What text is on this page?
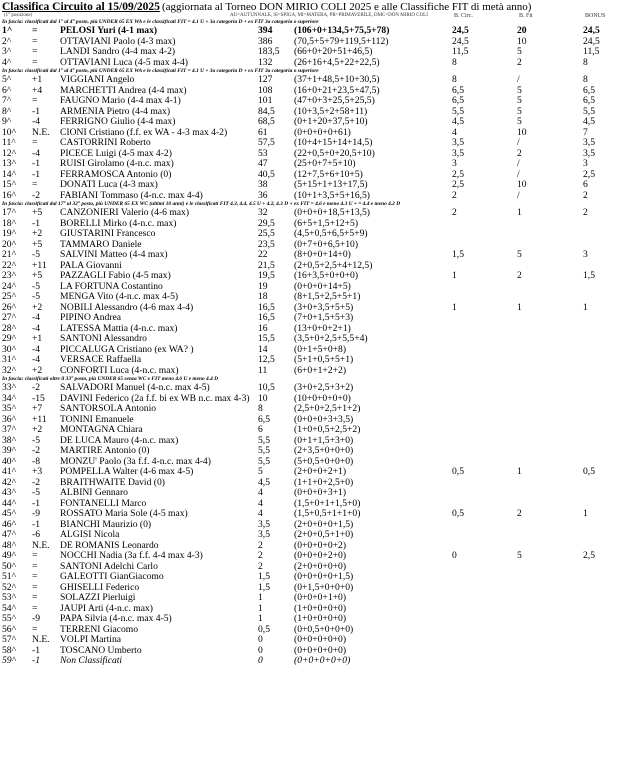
Classifica Circuito al 15/09/2025 (aggiornata al Torneo DON MIRIO COLI 2025 e alle Classifiche FIT di metà anno)
(1° posizione)	AU=AUTUNNALE, SI=SPIGA, MI=MATERA, PR=PRIMAVERILE, DMC=DON MIRIO COLI	B. Circ.	B. Fit	BONUS
In fascia: classificati dal 1° al 4° posto, più UNDER 65 EX WA e le classificati FIT = 4.1 U + 3a categoria D + ex FIT 3a categoria o superiore
1^ = PELOSI Yuri (4-1 max)	394 (106+0+134,5+75,5+78)	24,5	20	24,5
2^ = OTTAVIANI Paolo (4-3 max)	386 (70,5+5+79+119,5+112)	24,5	10	24,5
3^ = LANDI Sandro (4-4 max 4-2)	183,5 (66+0+20+51+46,5)	11,5	5	11,5
4^ = OTTAVIANI Luca (4-5 max 4-4)	132 (26+16+4,5+22+22,5)	8	2	8
In fascia: classificati dal 1° al 4° posto, più UNDER 65 EX WA e le classificati FIT = 4.1 U + 3a categoria D + ex FIT 3a categoria o superiore
5^ +1 VIGGIANI Angelo	127 (37+1+48,5+10+30,5)	8	/	8
6^ +4 MARCHETTI Andrea (4-4 max)	108 (16+0+21+23,5+47,5)	6,5	5	6,5
7^ = FAUGNO Mario (4-4 max 4-1)	101 (47+0+3+25,5+25,5)	6,5	5	6,5
8^ -1 ARMENIA Pietro (4-4 max)	84,5 (10+3,5+2+58+11)	5,5	5	5,5
9^ -4 FERRIGNO Giulio (4-4 max)	68,5 (0+1+20+37,5+10)	4,5	5	4,5
10^ N.E. CIONI Cristiano (f.f. ex WA - 4-3 max 4-2)	61	(0+0+0+0+61)	4	10	7
11^ = CASTORRINI Roberto	57,5 (10+4+15+14+14,5)	3,5	/	3,5
12^ -4 PICECE Luigi (4-5 max 4-2)	53	(22+0,5+0+20,5+10)	3,5	2	3,5
13^ -1 RUISI Girolamo (4-n.c. max)	47	(25+0+7+5+10)	3	/	3
14^ -1 FERRAMOSCA Antonio (0)	40,5 (12+7,5+6+10+5)	2,5	/	2,5
15^ = DONATI Luca (4-3 max)	38	(5+15+1+13+17,5)	2,5	10	6
16^ -2 FABIANI Tommaso (4-n.c. max 4-4)	36	(10+1+3,5+5+16,5)	2	/	2
In fascia: classificati dal 17° al 32° posto, più UNDER 65 EX WC (ultimi 10 anni) e le classificati FIT 4.3, 4.4, 4.5 U + 4.2, 4.3 D + ex FIT = 4.6 e meno 4.3 U + = 4.4 e meno 4.2 D
17^ +5 CANZONIERI Valerio (4-6 max)	32	(0+0+0+18,5+13,5)	2	1	2
18^ -1 BORELLI Mirko (4-n.c. max)	29,5 (6+5+1,5+12+5)
19^ +2 GIUSTARINI Francesco	25,5 (4,5+0,5+6,5+5+9)
20^ +5 TAMMARO Daniele	23,5 (0+7+0+6,5+10)
21^ -5 SALVINI Matteo (4-4 max)	22	(8+0+0+14+0)	1,5	5	3
22^ +11 PALA Giovanni	21,5 (2+0,5+2,5+4+12,5)
23^ +5 PAZZAGLI Fabio (4-5 max)	19,5 (16+3,5+0+0+0)	1	2	1,5
24^ -5 LA FORTUNA Costantino	19	(0+0+0+14+5)
25^ -5 MENGA Vito (4-n.c. max 4-5)	18	(8+1,5+2,5+5+1)
26^ +2 NOBILI Alessandro (4-6 max 4-4)	16,5 (3+0+3,5+5+5)	1	1	1
27^ -4 PIPINO Andrea	16,5 (7+0+1,5+5+3)
28^ -4 LATESSA Mattia (4-n.c. max)	16	(13+0+0+2+1)
29^ +1 SANTONI Alessandro	15,5 (3,5+0+2,5+5,5+4)
30^ -4 PICCALUGA Cristiano (ex WA? )	14	(0+1+5+0+8)
31^ -4 VERSACE Raffaella	12,5 (5+1+0,5+5+1)
32^ +2 CONFORTI Luca (4-n.c. max)	11	(6+0+1+2+2)
In fascia: classificati oltre il 33° posto, più UNDER 65 senza WC e FIT meno 4.6 U e meno 4.4 D
33^ -2 SALVADORI Manuel (4-n.c. max 4-5)	10,5 (3+0+2,5+3+2)
34^ -15 DAVINI Federico (2a f.f. bi ex WB n.c. max 4-3) 10	(10+0+0+0+0)
35^ +7 SANTORSOLA Antonio	8	(2,5+0+2,5+1+2)
36^ +11 TONINI Emanuele	6,5	(0+0+0+3+3,5)
37^ +2 MONTAGNA Chiara	6	(1+0+0,5+2,5+2)
38^ -5 DE LUCA Mauro (4-n.c. max)	5,5	(0+1+1,5+3+0)
39^ -2 MARTIRE Antonio (0)	5,5	(2+3,5+0+0+0)
40^ -8 MONZU' Paolo (3a f.f. 4-n.c. max 4-4)	5,5	(5+0,5+0+0+0)
41^ +3 POMPELLA Walter (4-6 max 4-5)	5	(2+0+0+2+1)	0,5	1	0,5
42^ -2 BRAITHWAITE David (0)	4,5	(1+1+0+2,5+0)
43^ -5 ALBINI Gennaro	4	(0+0+0+3+1)
44^ -1 FONTANELLI Marco	4	(1,5+0+1+1,5+0)
45^ -9 ROSSATO Maria Sole (4-5 max)	4	(1,5+0,5+1+1+0)	0,5	2	1
46^ -1 BIANCHI Maurizio (0)	3,5	(2+0+0+0+1,5)
47^ -6 ALGISI Nicola	3,5	(2+0+0,5+1+0)
48^ N.E. DE ROMANIS Leonardo	2	(0+0+0+0+2)
49^ = NOCCHI Nadia (3a f.f. 4-4 max 4-3)	2	(0+0+0+2+0)	0	5	2,5
50^ = SANTONI Adelchi Carlo	2	(2+0+0+0+0)
51^ = GALEOTTI GianGiacomo	1,5	(0+0+0+0+1,5)
52^ = GHISELLI Federico	1,5	(0+1,5+0+0+0)
53^ = SOLAZZI Pierluigi	1	(0+0+0+1+0)
54^ = JAUPI Arti (4-n.c. max)	1	(1+0+0+0+0)
55^ -9 PAPA Silvia (4-n.c. max 4-5)	1	(1+0+0+0+0)
56^ = TERRENI Giacomo	0,5	(0+0,5+0+0+0)
57^ N.E. VOLPI Martina	0	(0+0+0+0+0)
58^ -1 TOSCANO Umberto	0	(0+0+0+0+0)
59^ -1 Non Classificati	0	(0+0+0+0+0)
